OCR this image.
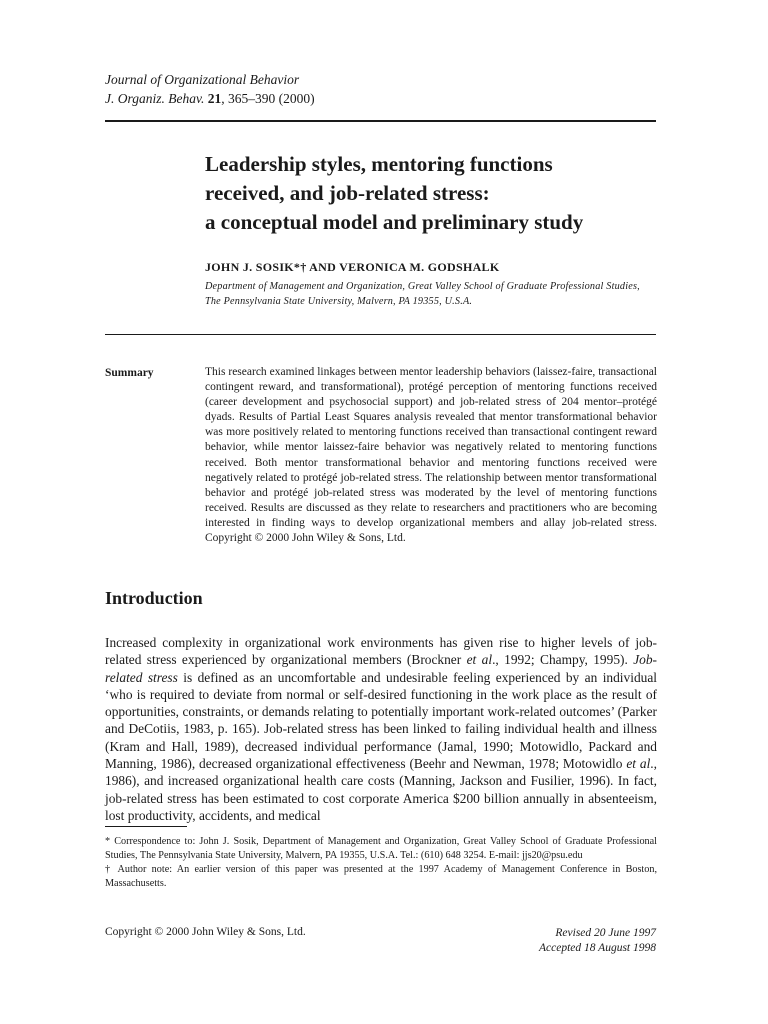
Journal of Organizational Behavior
J. Organiz. Behav. 21, 365–390 (2000)
Leadership styles, mentoring functions
received, and job-related stress:
a conceptual model and preliminary study
JOHN J. SOSIK*† AND VERONICA M. GODSHALK
Department of Management and Organization, Great Valley School of Graduate Professional Studies,
The Pennsylvania State University, Malvern, PA 19355, U.S.A.
Summary	This research examined linkages between mentor leadership behaviors (laissez-faire, transactional contingent reward, and transformational), protégé perception of mentoring functions received (career development and psychosocial support) and job-related stress of 204 mentor–protégé dyads. Results of Partial Least Squares analysis revealed that mentor transformational behavior was more positively related to mentoring functions received than transactional contingent reward behavior, while mentor laissez-faire behavior was negatively related to mentoring functions received. Both mentor transformational behavior and mentoring functions received were negatively related to protégé job-related stress. The relationship between mentor transformational behavior and protégé job-related stress was moderated by the level of mentoring functions received. Results are discussed as they relate to researchers and practitioners who are becoming interested in finding ways to develop organizational members and allay job-related stress. Copyright © 2000 John Wiley & Sons, Ltd.
Introduction
Increased complexity in organizational work environments has given rise to higher levels of job-related stress experienced by organizational members (Brockner et al., 1992; Champy, 1995). Job-related stress is defined as an uncomfortable and undesirable feeling experienced by an individual ‘who is required to deviate from normal or self-desired functioning in the work place as the result of opportunities, constraints, or demands relating to potentially important work-related outcomes’ (Parker and DeCotiis, 1983, p. 165). Job-related stress has been linked to failing individual health and illness (Kram and Hall, 1989), decreased individual performance (Jamal, 1990; Motowidlo, Packard and Manning, 1986), decreased organizational effectiveness (Beehr and Newman, 1978; Motowidlo et al., 1986), and increased organizational health care costs (Manning, Jackson and Fusilier, 1996). In fact, job-related stress has been estimated to cost corporate America $200 billion annually in absenteeism, lost productivity, accidents, and medical

* Correspondence to: John J. Sosik, Department of Management and Organization, Great Valley School of Graduate Professional Studies, The Pennsylvania State University, Malvern, PA 19355, U.S.A. Tel.: (610) 648 3254. E-mail: jjs20@psu.edu

† Author note: An earlier version of this paper was presented at the 1997 Academy of Management Conference in Boston, Massachusetts.

Copyright © 2000 John Wiley & Sons, Ltd.	Revised 20 June 1997
Accepted 18 August 1998
